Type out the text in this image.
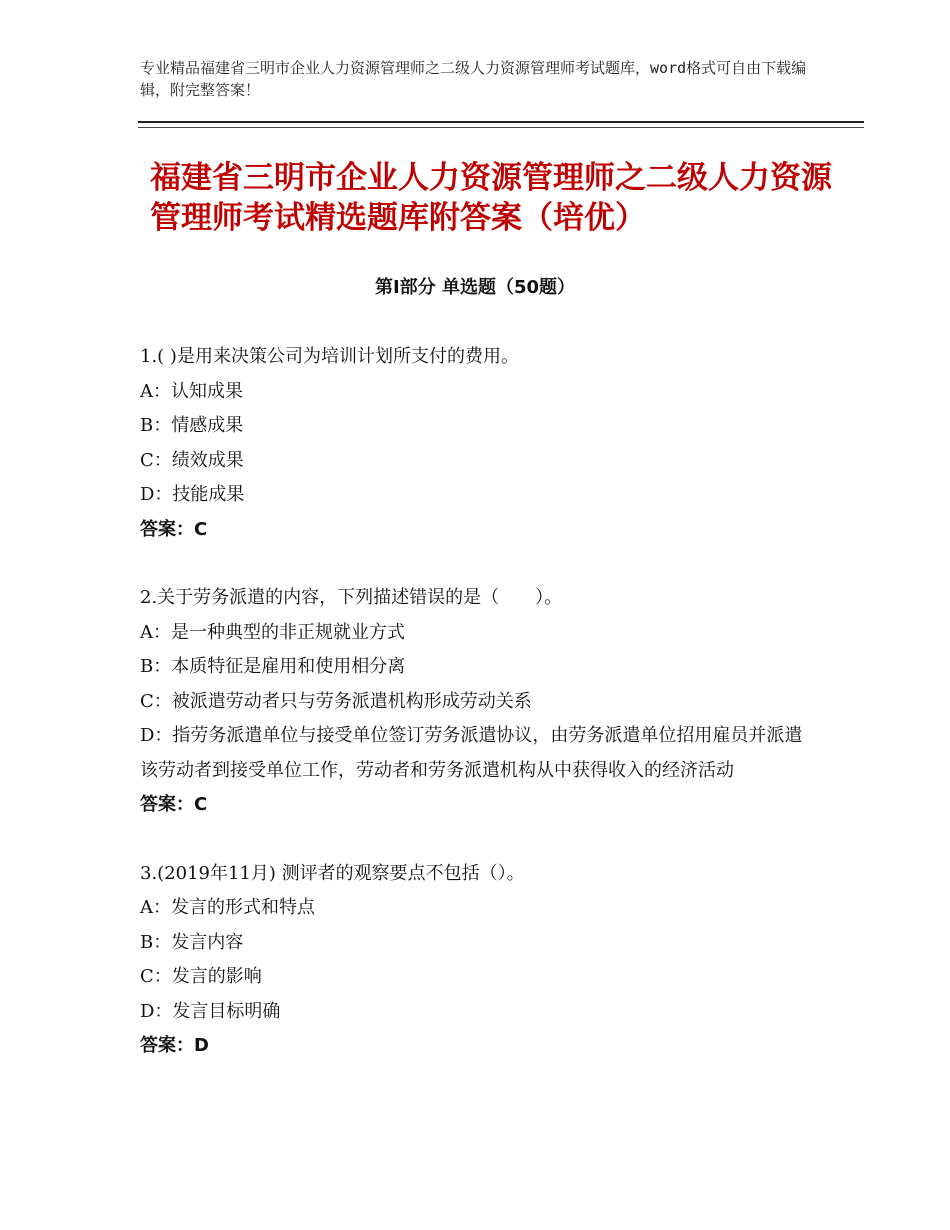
专业精品福建省三明市企业人力资源管理师之二级人力资源管理师考试题库，word格式可自由下载编辑，附完整答案！
福建省三明市企业人力资源管理师之二级人力资源管理师考试精选题库附答案（培优）
第Ⅰ部分 单选题（50题）
1.( )是用来决策公司为培训计划所支付的费用。
A：认知成果
B：情感成果
C：绩效成果
D：技能成果
答案：C
2.关于劳务派遣的内容，下列描述错误的是（　　）。
A：是一种典型的非正规就业方式
B：本质特征是雇用和使用相分离
C：被派遣劳动者只与劳务派遣机构形成劳动关系
D：指劳务派遣单位与接受单位签订劳务派遣协议，由劳务派遣单位招用雇员并派遣该劳动者到接受单位工作，劳动者和劳务派遣机构从中获得收入的经济活动
答案：C
3.(2019年11月) 测评者的观察要点不包括（）。
A：发言的形式和特点
B：发言内容
C：发言的影响
D：发言目标明确
答案：D
